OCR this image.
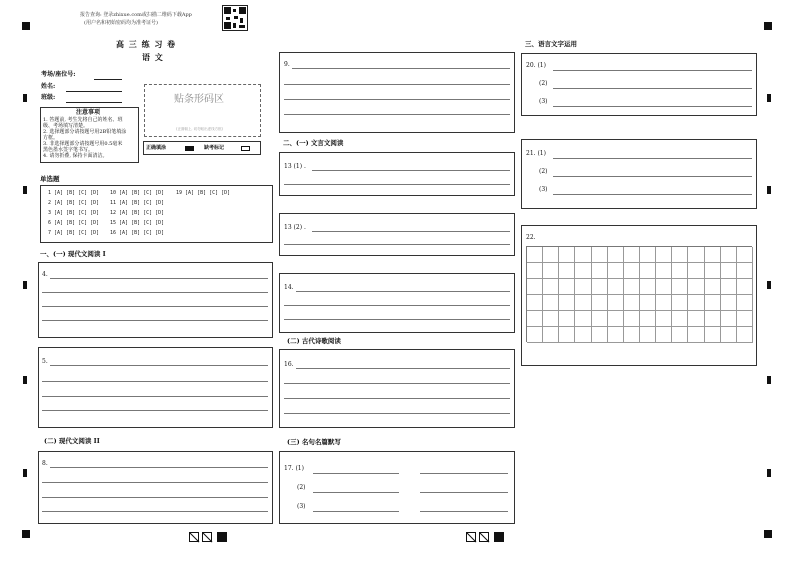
报告查询: 登录zhixue.com或扫描二维码下载App
(用户名和初始密码均为准考证号)
高 三 练 习 卷
语 文
考场/座位号:
姓名:
班级:	贴条形码区
(正面朝上, 切勿贴出虚线方框)
注意事项
1. 答题前, 考生先将自己的姓名、班
级、考场填写清楚。
2. 选择题部分请按题号用2B铅笔填涂
方框。
3. 非选择题部分请按题号用0.5毫米
黑色墨水签字笔书写。
4. 请勿折叠, 保持卡面清洁。
正确填涂	缺考标记
单选题
1 [A] [B] [C] [D] 10 [A] [B] [C] [D] 19 [A] [B] [C] [D]
2 [A] [B] [C] [D] 11 [A] [B] [C] [D]
3 [A] [B] [C] [D] 12 [A] [B] [C] [D]
6 [A] [B] [C] [D] 15 [A] [B] [C] [D]
7 [A] [B] [C] [D] 16 [A] [B] [C] [D]
一、(一) 现代文阅读 I
4.
5.
(二) 现代文阅读 II
8.
9.
二、(一) 文言文阅读
13 (1) .
13 (2) .
14.
(二) 古代诗歌阅读
16.
(三) 名句名篇默写
17. (1)
(2)
(3)
三、语言文字运用
20. (1)
(2)
(3)
21. (1)
(2)
(3)
22.
